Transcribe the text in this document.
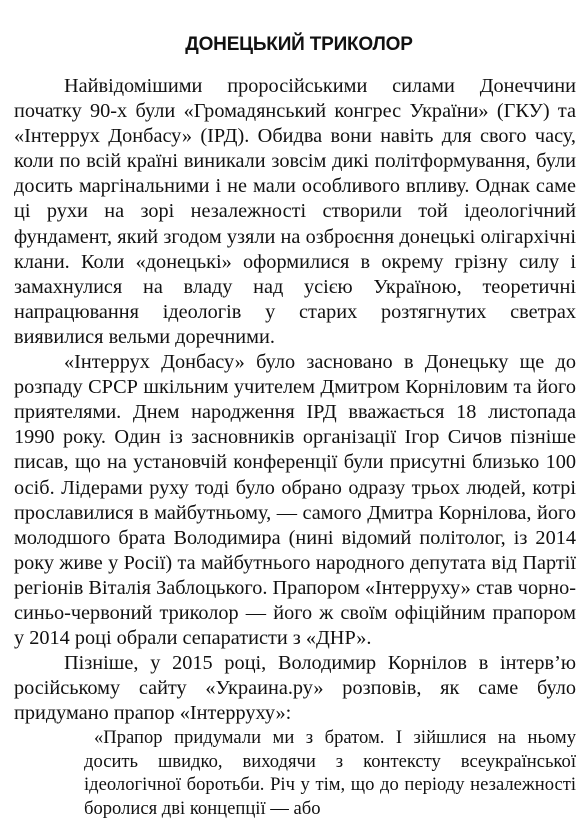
ДОНЕЦЬКИЙ ТРИКОЛОР

Найвідомішими проросійськими силами Донеччини початку 90-х були «Громадянський конгрес України» (ГКУ) та «Інтеррух Донбасу» (ІРД). Обидва вони навіть для свого часу, коли по всій країні виникали зовсім дикі політформування, були досить маргінальними і не мали особливого впливу. Однак саме ці рухи на зорі незалежності створили той ідеологічний фундамент, який згодом узяли на озброєння донецькі олігархічні клани. Коли «донецькі» оформилися в окрему грізну силу і замахнулися на владу над усією Україною, теоретичні напрацювання ідеологів у старих розтягнутих светрах виявилися вельми доречними.

«Інтеррух Донбасу» було засновано в Донецьку ще до розпаду СРСР шкільним учителем Дмитром Корніловим та його приятелями. Днем народження ІРД вважається 18 листопада 1990 року. Один із засновників організації Ігор Сичов пізніше писав, що на установчій конференції були присутні близько 100 осіб. Лідерами руху тоді було обрано одразу трьох людей, котрі прославилися в майбутньому, — самого Дмитра Корнілова, його молодшого брата Володимира (нині відомий політолог, із 2014 року живе у Росії) та майбутнього народного депутата від Партії регіонів Віталія Заблоцького. Прапором «Інтерруху» став чорно-синьо-червоний триколор — його ж своїм офіційним прапором у 2014 році обрали сепаратисти з «ДНР».

Пізніше, у 2015 році, Володимир Корнілов в інтерв’ю російському сайту «Украина.ру» розповів, як саме було придумано прапор «Інтерруху»:

«Прапор придумали ми з братом. І зійшлися на ньому досить швидко, виходячи з контексту всеукраїнської ідеологічної боротьби. Річ у тім, що до періоду незалежності боролися дві концепції — або
